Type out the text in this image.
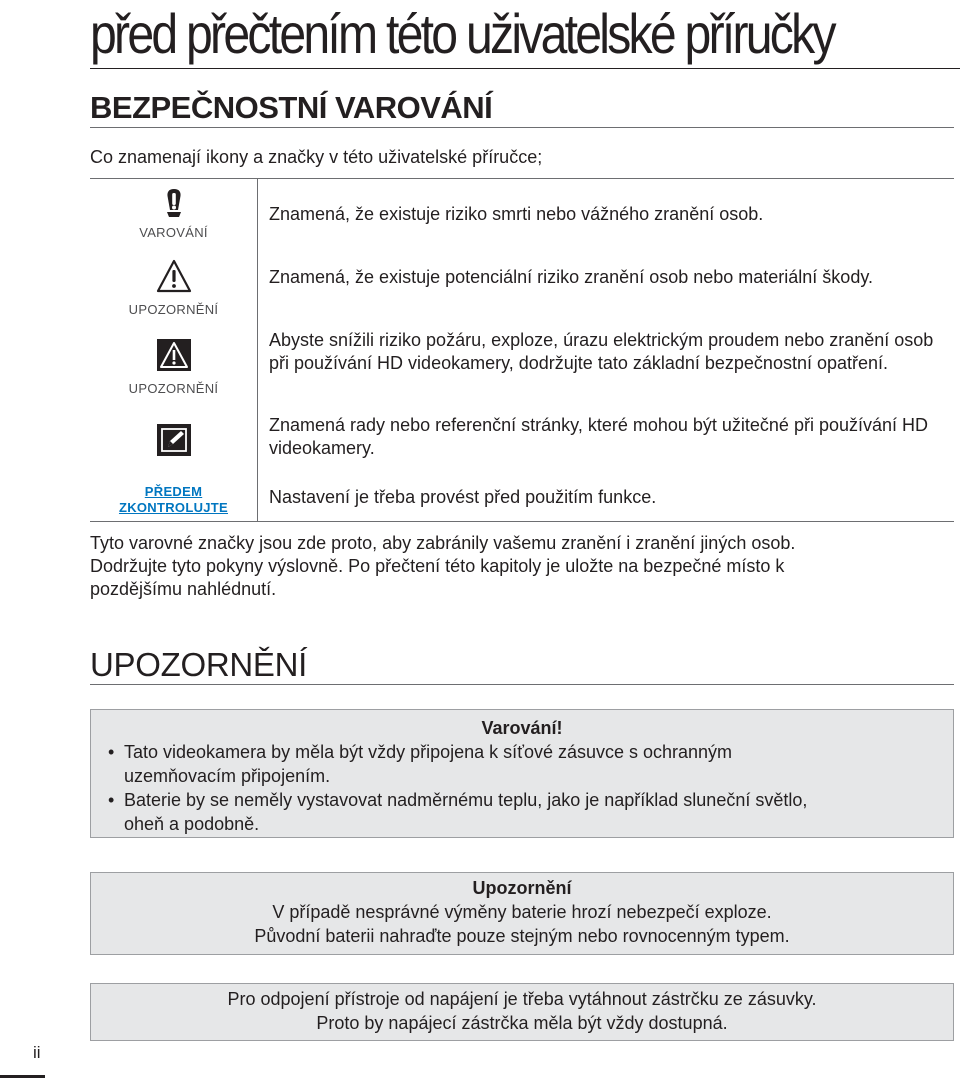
před přečtením této uživatelské příručky
BEZPEČNOSTNÍ VAROVÁNÍ
Co znamenají ikony a značky v této uživatelské příručce;
VAROVÁNÍ
Znamená, že existuje riziko smrti nebo vážného zranění osob.
UPOZORNĚNÍ
Znamená, že existuje potenciální riziko zranění osob nebo materiální škody.
UPOZORNĚNÍ
Abyste snížili riziko požáru, exploze, úrazu elektrickým proudem nebo zranění osob při používání HD videokamery, dodržujte tato základní bezpečnostní opatření.
Znamená rady nebo referenční stránky, které mohou být užitečné při používání HD videokamery.
PŘEDEM ZKONTROLUJTE
Nastavení je třeba provést před použitím funkce.
Tyto varovné značky jsou zde proto, aby zabránily vašemu zranění i zranění jiných osob.
Dodržujte tyto pokyny výslovně. Po přečtení této kapitoly je uložte na bezpečné místo k
pozdějšímu nahlédnutí.
UPOZORNĚNÍ
Varování!
• Tato videokamera by měla být vždy připojena k síťové zásuvce s ochranným
uzemňovacím připojením.
• Baterie by se neměly vystavovat nadměrnému teplu, jako je například sluneční světlo,
oheň a podobně.
Upozornění
V případě nesprávné výměny baterie hrozí nebezpečí exploze.
Původní baterii nahraďte pouze stejným nebo rovnocenným typem.
Pro odpojení přístroje od napájení je třeba vytáhnout zástrčku ze zásuvky.
Proto by napájecí zástrčka měla být vždy dostupná.
ii
